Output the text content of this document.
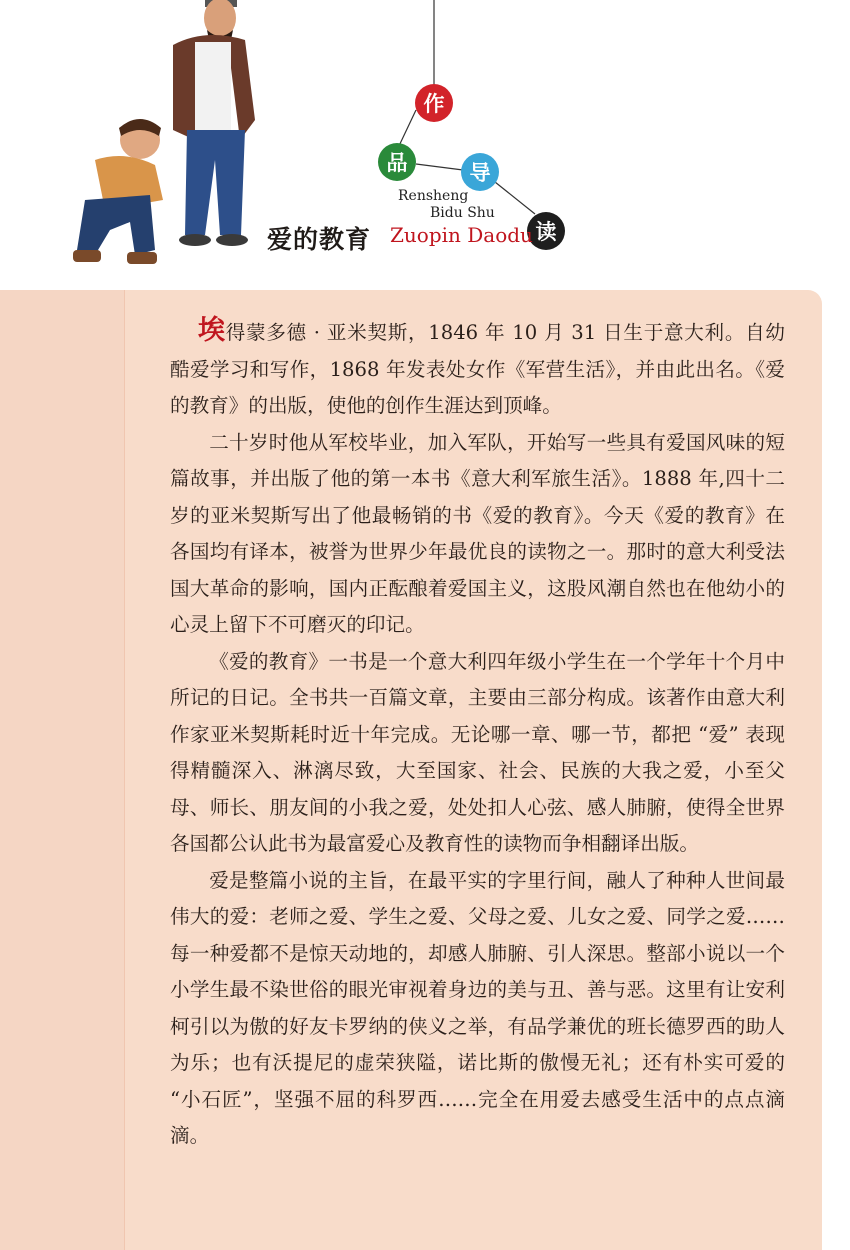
作
品	导
读
Rensheng
Bidu Shu
爱的教育 Zuopin Daodu

埃得蒙多德 · 亚米契斯，1846 年 10 月 31 日生于意大利。自幼酷爱学习和写作，1868 年发表处女作《军营生活》，并由此出名。《爱的教育》的出版，使他的创作生涯达到顶峰。

二十岁时他从军校毕业，加入军队，开始写一些具有爱国风味的短篇故事，并出版了他的第一本书《意大利军旅生活》。1888 年,四十二岁的亚米契斯写出了他最畅销的书《爱的教育》。今天《爱的教育》在各国均有译本，被誉为世界少年最优良的读物之一。那时的意大利受法国大革命的影响，国内正酝酿着爱国主义，这股风潮自然也在他幼小的心灵上留下不可磨灭的印记。

《爱的教育》一书是一个意大利四年级小学生在一个学年十个月中所记的日记。全书共一百篇文章，主要由三部分构成。该著作由意大利作家亚米契斯耗时近十年完成。无论哪一章、哪一节，都把 “爱” 表现得精髓深入、淋漓尽致，大至国家、社会、民族的大我之爱，小至父母、师长、朋友间的小我之爱，处处扣人心弦、感人肺腑，使得全世界各国都公认此书为最富爱心及教育性的读物而争相翻译出版。

爱是整篇小说的主旨，在最平实的字里行间，融人了种种人世间最伟大的爱：老师之爱、学生之爱、父母之爱、儿女之爱、同学之爱……每一种爱都不是惊天动地的，却感人肺腑、引人深思。整部小说以一个小学生最不染世俗的眼光审视着身边的美与丑、善与恶。这里有让安利柯引以为傲的好友卡罗纳的侠义之举，有品学兼优的班长德罗西的助人为乐；也有沃提尼的虚荣狭隘，诺比斯的傲慢无礼；还有朴实可爱的 “小石匠”，坚强不屈的科罗西……完全在用爱去感受生活中的点点滴滴。
